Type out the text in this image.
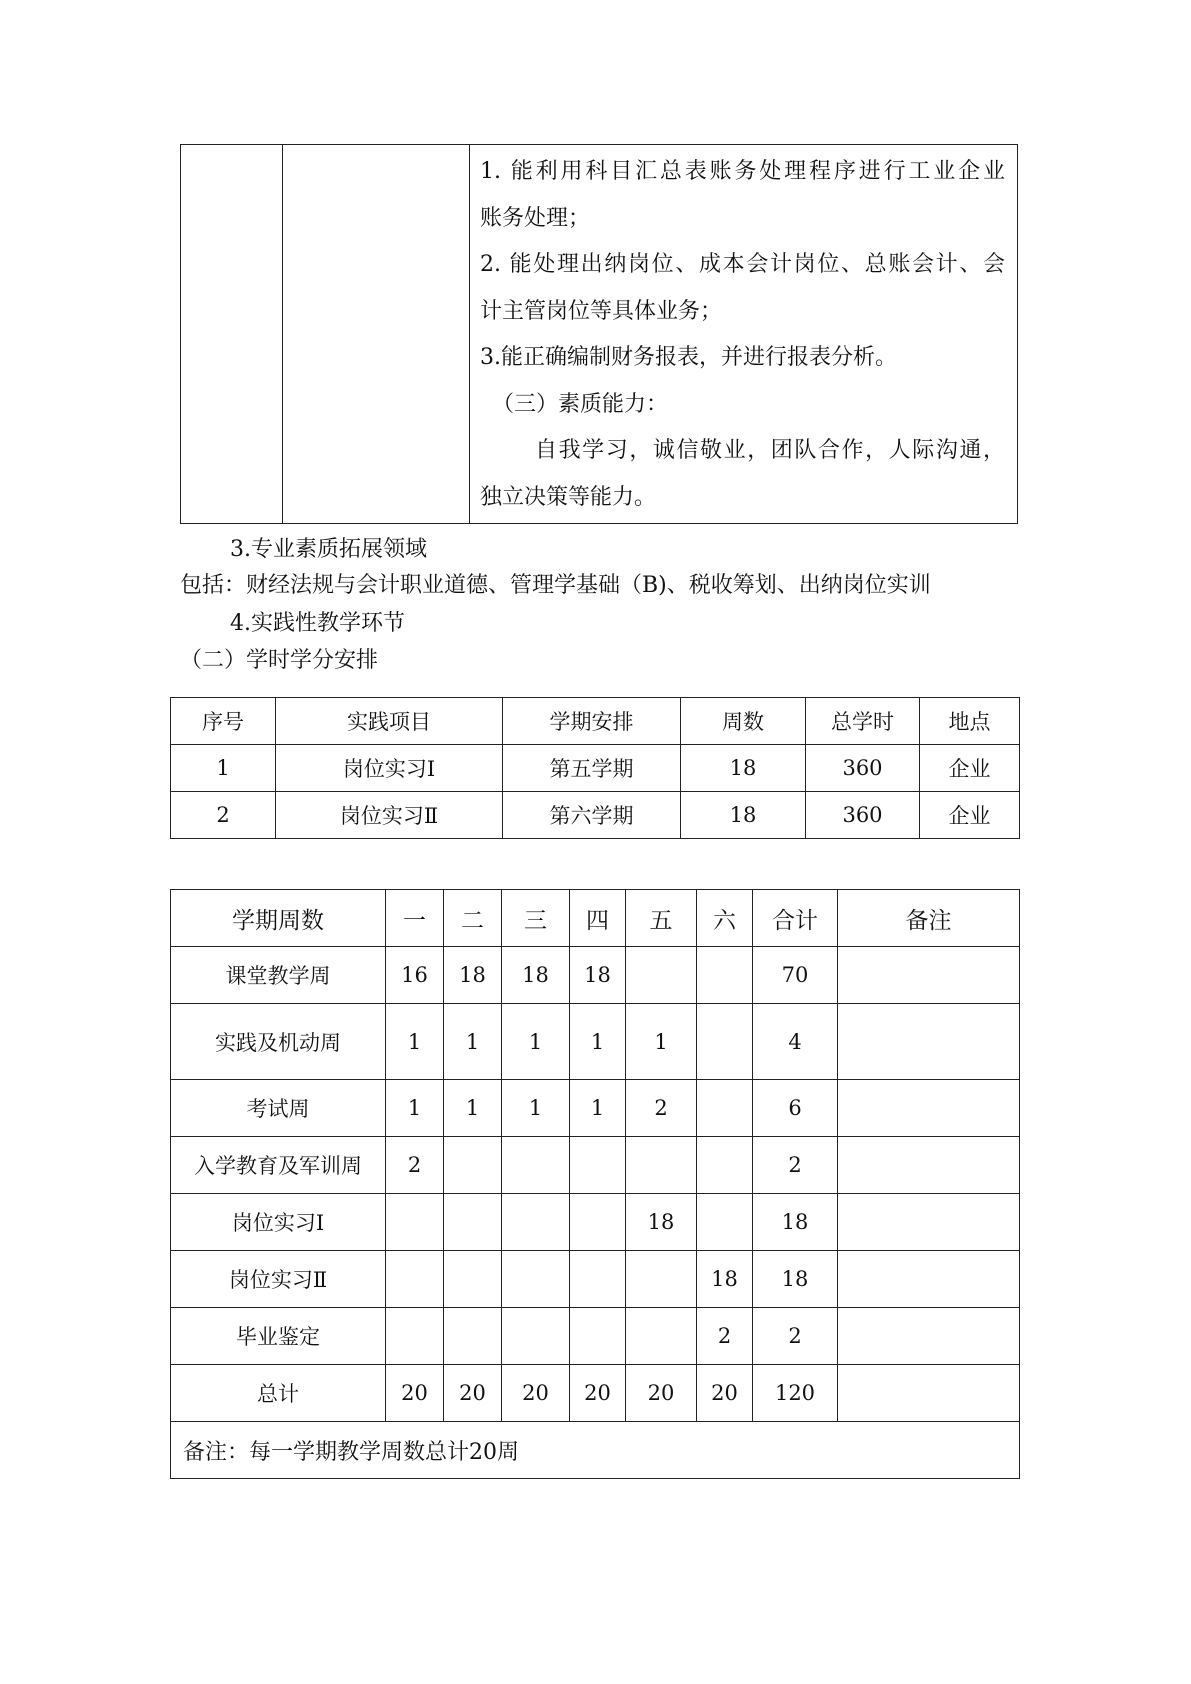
1. 能利用科目汇总表账务处理程序进行工业企业
账务处理；
2. 能处理出纳岗位、成本会计岗位、总账会计、会
计主管岗位等具体业务；
3.能正确编制财务报表，并进行报表分析。
（三）素质能力：
自我学习，诚信敬业，团队合作，人际沟通，
独立决策等能力。
3.专业素质拓展领域
包括：财经法规与会计职业道德、管理学基础（B)、税收筹划、出纳岗位实训
4.实践性教学环节
（二）学时学分安排
序号	实践项目	学期安排	周数	总学时	地点
1	岗位实习Ⅰ	第五学期	18	360	企业
2	岗位实习Ⅱ	第六学期	18	360	企业
学期周数	一	二	三	四	五	六	合计	备注
课堂教学周	16	18	18	18			70	
实践及机动周	1	1	1	1	1		4	
考试周	1	1	1	1	2		6	
入学教育及军训周	2						2	
岗位实习Ⅰ					18		18	
岗位实习Ⅱ						18	18	
毕业鉴定						2	2	
总计	20	20	20	20	20	20	120	
备注：每一学期教学周数总计20周								
